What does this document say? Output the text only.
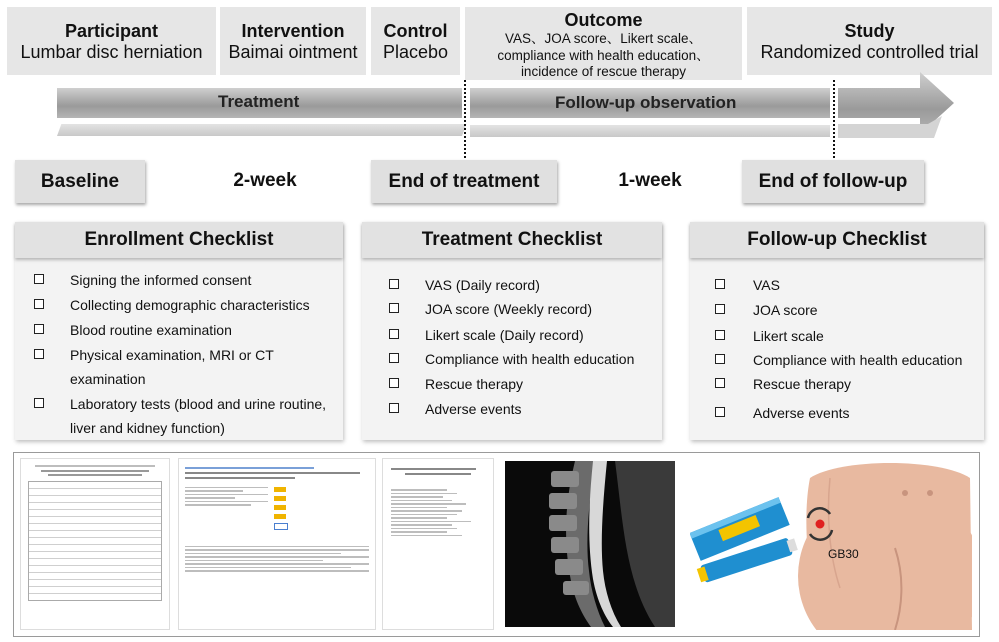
Participant
Lumbar disc herniation
Intervention
Baimai ointment
Control
Placebo
Outcome
VAS、JOA score、Likert scale、
compliance with health education、
incidence of rescue therapy
Study
Randomized controlled trial
Treatment	Follow-up observation
Baseline	2-week	End of treatment	1-week	End of follow-up
Enrollment Checklist
Signing the informed consent
Collecting demographic characteristics
Blood routine examination
Physical examination, MRI or CT
examination
Laboratory tests (blood and urine routine,
liver and kidney function)
Treatment Checklist
VAS (Daily record)
JOA score (Weekly record)
Likert scale (Daily record)
Compliance with health education
Rescue therapy
Adverse events
Follow-up Checklist
VAS
JOA score
Likert scale
Compliance with health education
Rescue therapy
Adverse events
GB30
